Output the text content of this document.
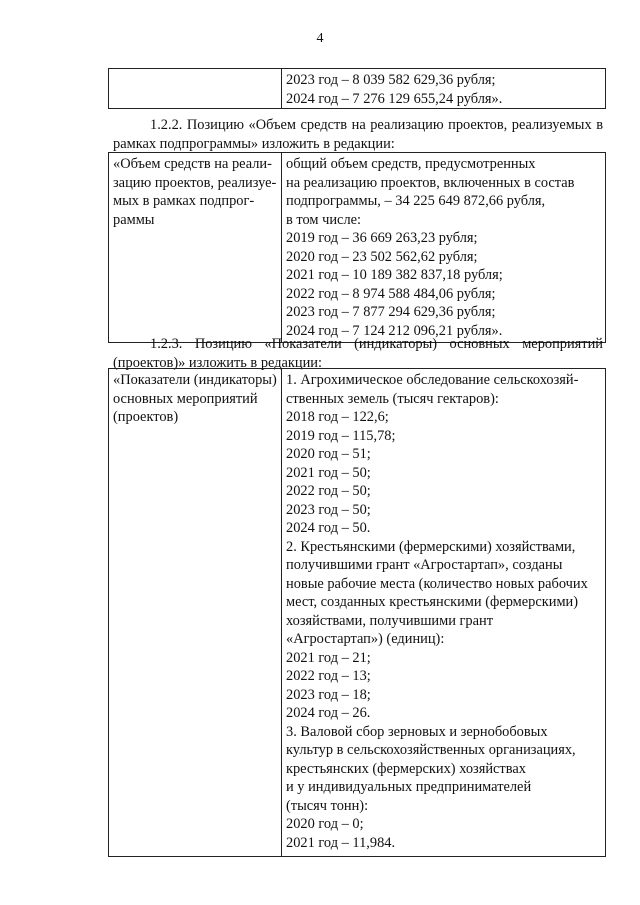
4

2023 год – 8 039 582 629,36 рубля;
2024 год – 7 276 129 655,24 рубля».
1.2.2. Позицию «Объем средств на реализацию проектов, реализуемых в рамках подпрограммы» изложить в редакции:
«Объем средств на реали-
зацию проектов, реализуе-
мых в рамках подпрог-
раммы

общий объем средств, предусмотренных
на реализацию проектов, включенных в состав
подпрограммы, – 34 225 649 872,66 рубля,
в том числе:
2019 год – 36 669 263,23 рубля;
2020 год – 23 502 562,62 рубля;
2021 год – 10 189 382 837,18 рубля;
2022 год – 8 974 588 484,06 рубля;
2023 год – 7 877 294 629,36 рубля;
2024 год – 7 124 212 096,21 рубля».
1.2.3. Позицию «Показатели (индикаторы) основных мероприятий (проектов)» изложить в редакции:
«Показатели (индикаторы)
основных мероприятий
(проектов)

1. Агрохимическое обследование сельскохозяй-
ственных земель (тысяч гектаров):
2018 год – 122,6;
2019 год – 115,78;
2020 год – 51;
2021 год – 50;
2022 год – 50;
2023 год – 50;
2024 год – 50.
2. Крестьянскими (фермерскими) хозяйствами,
получившими грант «Агростартап», созданы
новые рабочие места (количество новых рабочих
мест, созданных крестьянскими (фермерскими)
хозяйствами, получившими грант
«Агростартап») (единиц):
2021 год – 21;
2022 год – 13;
2023 год – 18;
2024 год – 26.
3. Валовой сбор зерновых и зернобобовых
культур в сельскохозяйственных организациях,
крестьянских (фермерских) хозяйствах
и у индивидуальных предпринимателей
(тысяч тонн):
2020 год – 0;
2021 год – 11,984.
